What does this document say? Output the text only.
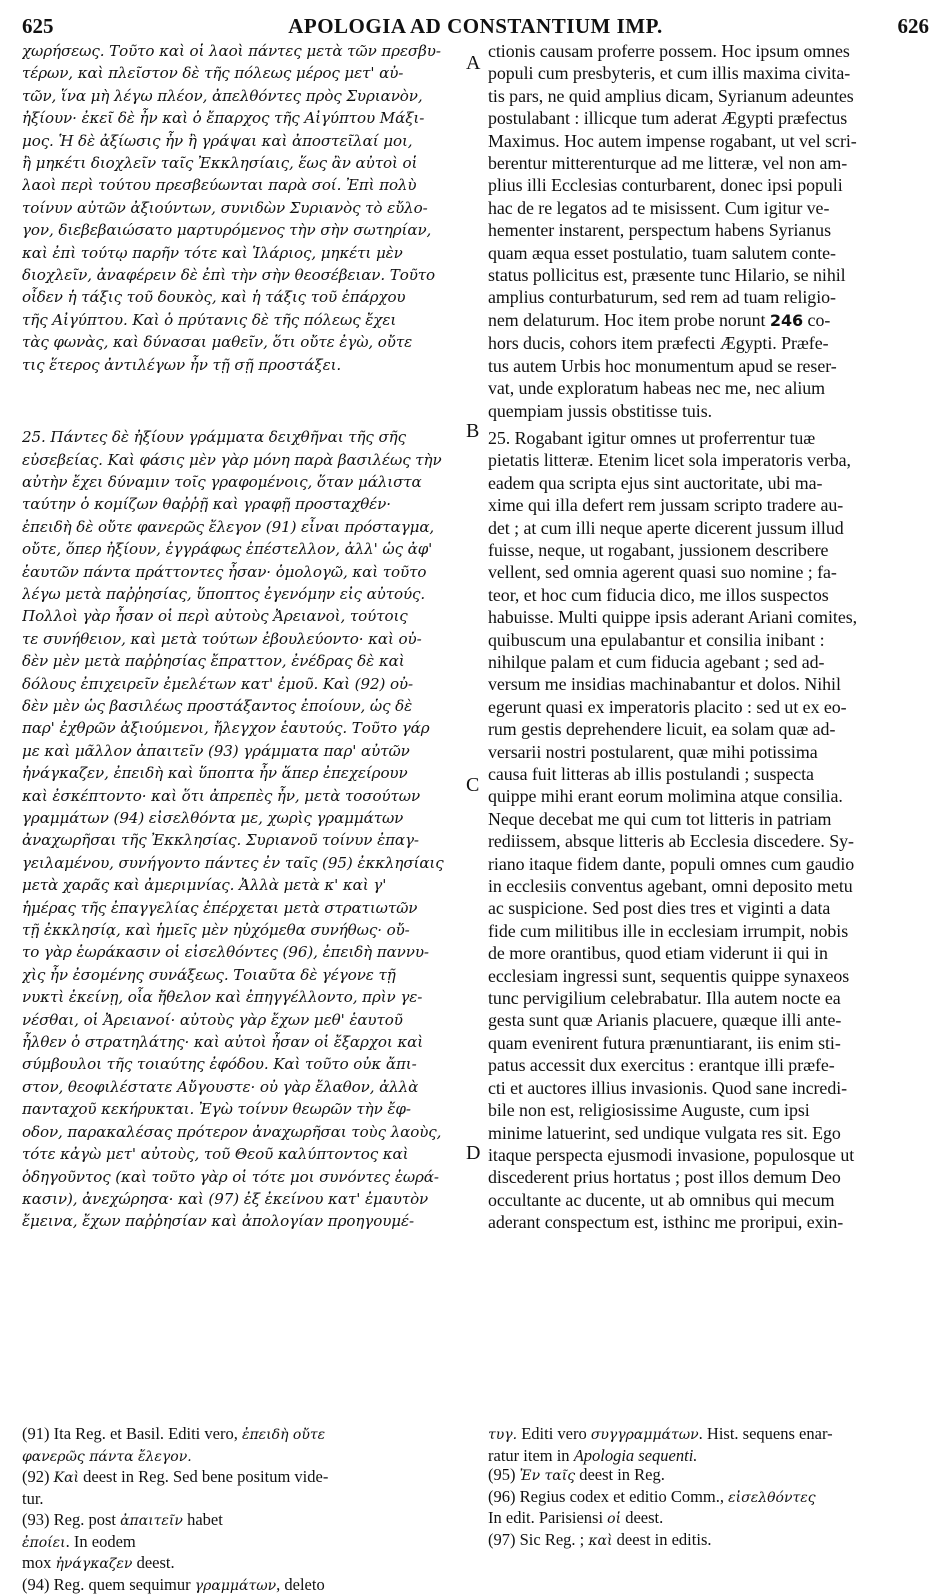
625	APOLOGIA AD CONSTANTIUM IMP.	626
χωρήσεως. Τοῦτο καὶ οἱ λαοὶ πάντες μετὰ τῶν πρεσβυ-
τέρων, καὶ πλεῖστον δὲ τῆς πόλεως μέρος μετ' αὐ-
τῶν, ἵνα μὴ λέγω πλέον, ἀπελθόντες πρὸς Συριανὸν,
ἠξίουν· ἐκεῖ δὲ ἦν καὶ ὁ ἔπαρχος τῆς Αἰγύπτου Μάξι-
μος. Ἡ δὲ ἀξίωσις ἦν ἢ γράψαι καὶ ἀποστεῖλαί μοι,
ἢ μηκέτι διοχλεῖν ταῖς Ἐκκλησίαις, ἕως ἂν αὐτοὶ οἱ
λαοὶ περὶ τούτου πρεσβεύωνται παρὰ σοί. Ἐπὶ πολὺ
τοίνυν αὐτῶν ἀξιούντων, συνιδὼν Συριανὸς τὸ εὔλο-
γον, διεβεβαιώσατο μαρτυρόμενος τὴν σὴν σωτηρίαν,
καὶ ἐπὶ τούτῳ παρῆν τότε καὶ Ἱλάριος, μηκέτι μὲν
διοχλεῖν, ἀναφέρειν δὲ ἐπὶ τὴν σὴν θεοσέβειαν. Τοῦτο
οἶδεν ἡ τάξις τοῦ δουκὸς, καὶ ἡ τάξις τοῦ ἐπάρχου
τῆς Αἰγύπτου. Καὶ ὁ πρύτανις δὲ τῆς πόλεως ἔχει
τὰς φωνὰς, καὶ δύνασαι μαθεῖν, ὅτι οὔτε ἐγὼ, οὔτε
τις ἕτερος ἀντιλέγων ἦν τῇ σῇ προστάξει.
25. Πάντες δὲ ἠξίουν γράμματα δειχθῆναι τῆς σῆς
εὐσεβείας. Καὶ φάσις μὲν γὰρ μόνη παρὰ βασιλέως τὴν
αὐτὴν ἔχει δύναμιν τοῖς γραφομένοις, ὅταν μάλιστα
ταύτην ὁ κομίζων θαῤῥῇ καὶ γραφῇ προσταχθέν·
ἐπειδὴ δὲ οὔτε φανερῶς ἔλεγον (91) εἶναι πρόσταγμα,
οὔτε, ὅπερ ἠξίουν, ἐγγράφως ἐπέστελλον, ἀλλ' ὡς ἀφ'
ἑαυτῶν πάντα πράττοντες ἦσαν· ὁμολογῶ, καὶ τοῦτο
λέγω μετὰ παῤῥησίας, ὕποπτος ἐγενόμην εἰς αὐτούς.
Πολλοὶ γὰρ ἦσαν οἱ περὶ αὐτοὺς Ἀρειανοὶ, τούτοις
τε συνήθειον, καὶ μετὰ τούτων ἐβουλεύοντο· καὶ οὐ-
δὲν μὲν μετὰ παῤῥησίας ἔπραττον, ἐνέδρας δὲ καὶ
δόλους ἐπιχειρεῖν ἐμελέτων κατ' ἐμοῦ. Καὶ (92) οὐ-
δὲν μὲν ὡς βασιλέως προστάξαντος ἐποίουν, ὡς δὲ
παρ' ἐχθρῶν ἀξιούμενοι, ἤλεγχον ἑαυτούς. Τοῦτο γάρ
με καὶ μᾶλλον ἀπαιτεῖν (93) γράμματα παρ' αὐτῶν
ἠνάγκαζεν, ἐπειδὴ καὶ ὕποπτα ἦν ἅπερ ἐπεχείρουν
καὶ ἐσκέπτοντο· καὶ ὅτι ἀπρεπὲς ἦν, μετὰ τοσούτων
γραμμάτων (94) εἰσελθόντα με, χωρὶς γραμμάτων
ἀναχωρῆσαι τῆς Ἐκκλησίας. Συριανοῦ τοίνυν ἐπαγ-
γειλαμένου, συνήγοντο πάντες ἐν ταῖς (95) ἐκκλησίαις
μετὰ χαρᾶς καὶ ἀμεριμνίας. Ἀλλὰ μετὰ κ' καὶ γ'
ἡμέρας τῆς ἐπαγγελίας ἐπέρχεται μετὰ στρατιωτῶν
τῇ ἐκκλησίᾳ, καὶ ἡμεῖς μὲν ηὐχόμεθα συνήθως· οὔ-
το γὰρ ἑωράκασιν οἱ εἰσελθόντες (96), ἐπειδὴ παννυ-
χὶς ἦν ἐσομένης συνάξεως. Τοιαῦτα δὲ γέγονε τῇ
νυκτὶ ἐκείνῃ, οἷα ἤθελον καὶ ἐπηγγέλλοντο, πρὶν γε-
νέσθαι, οἱ Ἀρειανοί· αὐτοὺς γὰρ ἔχων μεθ' ἑαυτοῦ
ἦλθεν ὁ στρατηλάτης· καὶ αὐτοὶ ἦσαν οἱ ἔξαρχοι καὶ
σύμβουλοι τῆς τοιαύτης ἐφόδου. Καὶ τοῦτο οὐκ ἄπι-
στον, θεοφιλέστατε Αὔγουστε· οὐ γὰρ ἔλαθον, ἀλλὰ
πανταχοῦ κεκήρυκται. Ἐγὼ τοίνυν θεωρῶν τὴν ἔφ-
οδον, παρακαλέσας πρότερον ἀναχωρῆσαι τοὺς λαοὺς,
τότε κἀγὼ μετ' αὐτοὺς, τοῦ Θεοῦ καλύπτοντος καὶ
ὁδηγοῦντος (καὶ τοῦτο γὰρ οἱ τότε μοι συνόντες ἑωρά-
κασιν), ἀνεχώρησα· καὶ (97) ἐξ ἐκείνου κατ' ἐμαυτὸν
ἔμεινα, ἔχων παῤῥησίαν καὶ ἀπολογίαν προηγουμέ-
A
B
C
D
ctionis causam proferre possem. Hoc ipsum omnes
populi cum presbyteris, et cum illis maxima civita-
tis pars, ne quid amplius dicam, Syrianum adeuntes
postulabant : illicque tum aderat Ægypti præfectus
Maximus. Hoc autem impense rogabant, ut vel scri-
berentur mitterenturque ad me litteræ, vel non am-
plius illi Ecclesias conturbarent, donec ipsi populi
hac de re legatos ad te misissent. Cum igitur ve-
hementer instarent, perspectum habens Syrianus
quam æqua esset postulatio, tuam salutem conte-
status pollicitus est, præsente tunc Hilario, se nihil
amplius conturbaturum, sed rem ad tuam religio-
nem delaturum. Hoc item probe norunt 246 co-
hors ducis, cohors item præfecti Ægypti. Præfe-
tus autem Urbis hoc monumentum apud se reser-
vat, unde exploratum habeas nec me, nec alium
quempiam jussis obstitisse tuis.
25. Rogabant igitur omnes ut proferrentur tuæ
pietatis litteræ. Etenim licet sola imperatoris verba,
eadem qua scripta ejus sint auctoritate, ubi ma-
xime qui illa defert rem jussam scripto tradere au-
det ; at cum illi neque aperte dicerent jussum illud
fuisse, neque, ut rogabant, jussionem describere
vellent, sed omnia agerent quasi suo nomine ; fa-
teor, et hoc cum fiducia dico, me illos suspectos
habuisse. Multi quippe ipsis aderant Ariani comites,
quibuscum una epulabantur et consilia inibant :
nihilque palam et cum fiducia agebant ; sed ad-
versum me insidias machinabantur et dolos. Nihil
egerunt quasi ex imperatoris placito : sed ut ex eo-
rum gestis deprehendere licuit, ea solam quæ ad-
versarii nostri postularent, quæ mihi potissima
causa fuit litteras ab illis postulandi ; suspecta
quippe mihi erant eorum molimina atque consilia.
Neque decebat me qui cum tot litteris in patriam
rediissem, absque litteris ab Ecclesia discedere. Sy-
riano itaque fidem dante, populi omnes cum gaudio
in ecclesiis conventus agebant, omni deposito metu
ac suspicione. Sed post dies tres et viginti a data
fide cum militibus ille in ecclesiam irrumpit, nobis
de more orantibus, quod etiam viderunt ii qui in
ecclesiam ingressi sunt, sequentis quippe synaxeos
tunc pervigilium celebrabatur. Illa autem nocte ea
gesta sunt quæ Arianis placuere, quæque illi ante-
quam evenirent futura prænuntiarant, iis enim sti-
patus accessit dux exercitus : erantque illi præfe-
cti et auctores illius invasionis. Quod sane incredi-
bile non est, religiosissime Auguste, cum ipsi
minime latuerint, sed undique vulgata res sit. Ego
itaque perspecta ejusmodi invasione, populosque ut
discederent prius hortatus ; post illos demum Deo
occultante ac ducente, ut ab omnibus qui mecum
aderant conspectum est, isthinc me proripui, exin-
(91) Ita Reg. et Basil. Editi vero, ἐπειδὴ οὔτε
φανερῶς πάντα ἔλεγον.
(92) Καὶ deest in Reg. Sed bene positum vide-
tur.
(93) Reg. post ἀπαιτεῖν habet
ἐποίει. In eodem
mox ἠνάγκαζεν deest.
(94) Reg. quem sequimur γραμμάτων, deleto
τυγ. Editi vero συγγραμμάτων. Hist. sequens enar-
ratur item in Apologia sequenti.
(95) Ἐν ταῖς deest in Reg.
(96) Regius codex et editio Comm., εἰσελθόντες
In edit. Parisiensi οἱ deest.
(97) Sic Reg. ; καὶ deest in editis.
